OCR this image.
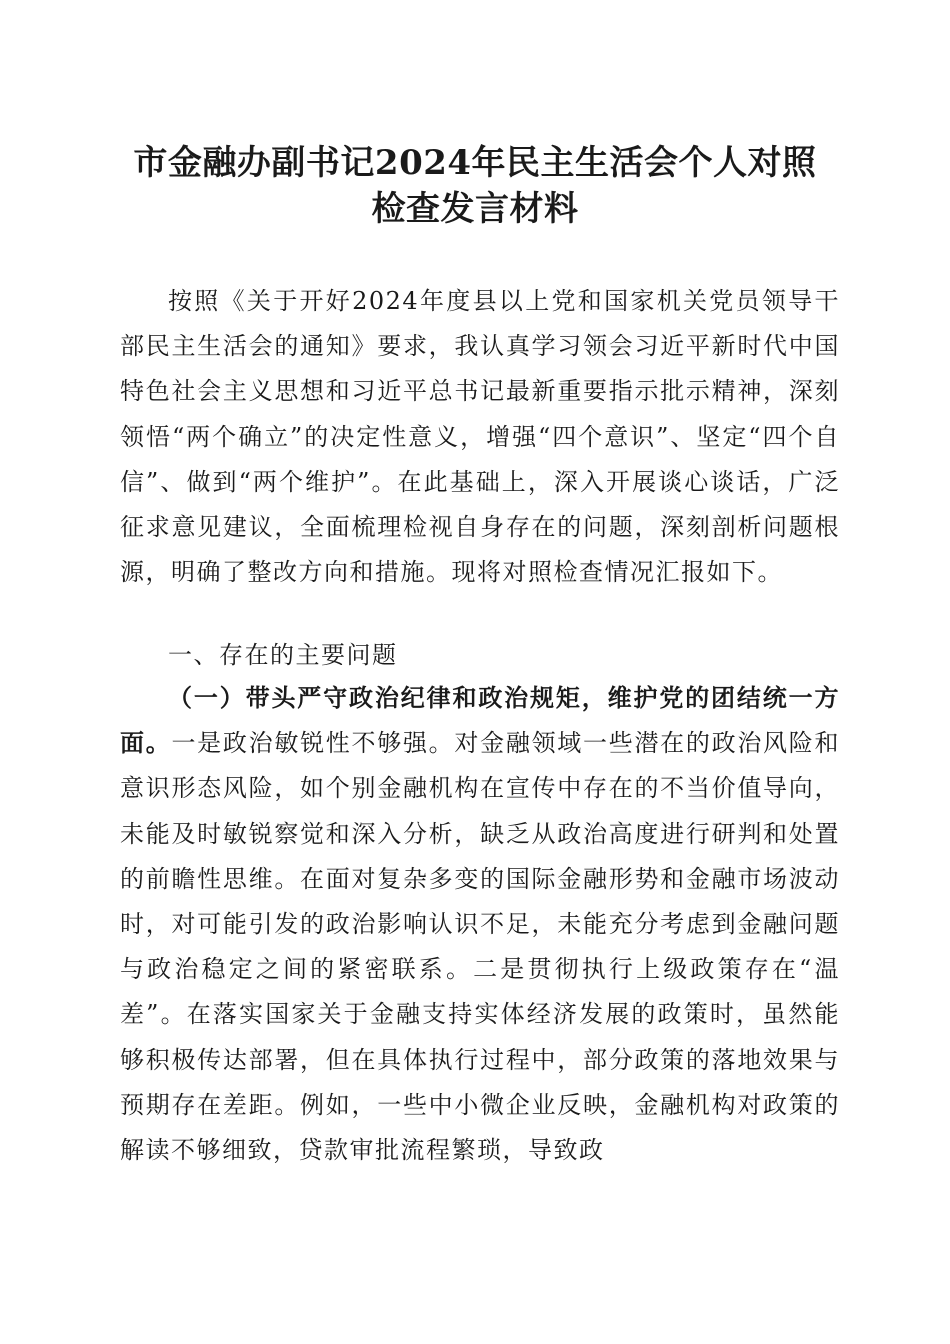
市金融办副书记2024年民主生活会个人对照
检查发言材料

按照《关于开好2024年度县以上党和国家机关党员领导干部民主生活会的通知》要求，我认真学习领会习近平新时代中国特色社会主义思想和习近平总书记最新重要指示批示精神，深刻领悟“两个确立”的决定性意义，增强“四个意识”、坚定“四个自信”、做到“两个维护”。在此基础上，深入开展谈心谈话，广泛征求意见建议，全面梳理检视自身存在的问题，深刻剖析问题根源，明确了整改方向和措施。现将对照检查情况汇报如下。

一、存在的主要问题

（一）带头严守政治纪律和政治规矩，维护党的团结统一方面。一是政治敏锐性不够强。对金融领域一些潜在的政治风险和意识形态风险，如个别金融机构在宣传中存在的不当价值导向，未能及时敏锐察觉和深入分析，缺乏从政治高度进行研判和处置的前瞻性思维。在面对复杂多变的国际金融形势和金融市场波动时，对可能引发的政治影响认识不足，未能充分考虑到金融问题与政治稳定之间的紧密联系。二是贯彻执行上级政策存在“温差”。在落实国家关于金融支持实体经济发展的政策时，虽然能够积极传达部署，但在具体执行过程中，部分政策的落地效果与预期存在差距。例如，一些中小微企业反映，金融机构对政策的解读不够细致，贷款审批流程繁琐，导致政
